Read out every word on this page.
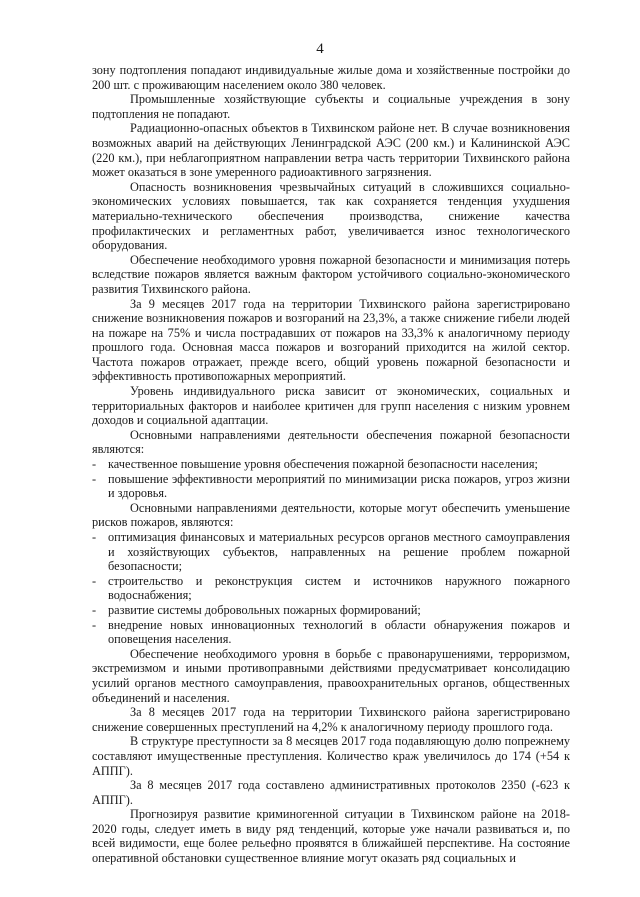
4

зону подтопления попадают индивидуальные жилые дома и хозяйственные постройки до 200 шт. с проживающим населением около 380 человек.

Промышленные хозяйствующие субъекты и социальные учреждения в зону подтопления не попадают.

Радиационно-опасных объектов в Тихвинском районе нет. В случае возникновения возможных аварий на действующих Ленинградской АЭС (200 км.) и Калининской АЭС (220 км.), при неблагоприятном направлении ветра часть территории Тихвинского района может оказаться в зоне умеренного радиоактивного загрязнения.

Опасность возникновения чрезвычайных ситуаций в сложившихся социально-экономических условиях повышается, так как сохраняется тенденция ухудшения материально-технического обеспечения производства, снижение качества профилактических и регламентных работ, увеличивается износ технологического оборудования.

Обеспечение необходимого уровня пожарной безопасности и минимизация потерь вследствие пожаров является важным фактором устойчивого социально-экономического развития Тихвинского района.

За 9 месяцев 2017 года на территории Тихвинского района зарегистрировано снижение возникновения пожаров и возгораний на 23,3%, а также снижение гибели людей на пожаре на 75% и числа пострадавших от пожаров на 33,3% к аналогичному периоду прошлого года. Основная масса пожаров и возгораний приходится на жилой сектор. Частота пожаров отражает, прежде всего, общий уровень пожарной безопасности и эффективность противопожарных мероприятий.

Уровень индивидуального риска зависит от экономических, социальных и территориальных факторов и наиболее критичен для групп населения с низким уровнем доходов и социальной адаптации.

Основными направлениями деятельности обеспечения пожарной безопасности являются:

- качественное повышение уровня обеспечения пожарной безопасности населения;
- повышение эффективности мероприятий по минимизации риска пожаров, угроз жизни и здоровья.

Основными направлениями деятельности, которые могут обеспечить уменьшение рисков пожаров, являются:

- оптимизация финансовых и материальных ресурсов органов местного самоуправления и хозяйствующих субъектов, направленных на решение проблем пожарной безопасности;
- строительство и реконструкция систем и источников наружного пожарного водоснабжения;
- развитие системы добровольных пожарных формирований;
- внедрение новых инновационных технологий в области обнаружения пожаров и оповещения населения.

Обеспечение необходимого уровня в борьбе с правонарушениями, терроризмом, экстремизмом и иными противоправными действиями предусматривает консолидацию усилий органов местного самоуправления, правоохранительных органов, общественных объединений и населения.

За 8 месяцев 2017 года на территории Тихвинского района зарегистрировано снижение совершенных преступлений на 4,2% к аналогичному периоду прошлого года.

В структуре преступности за 8 месяцев 2017 года подавляющую долю попрежнему составляют имущественные преступления. Количество краж увеличилось до 174 (+54 к АППГ).

За 8 месяцев 2017 года составлено административных протоколов 2350 (-623 к АППГ).

Прогнозируя развитие криминогенной ситуации в Тихвинском районе на 2018-2020 годы, следует иметь в виду ряд тенденций, которые уже начали развиваться и, по всей видимости, еще более рельефно проявятся в ближайшей перспективе. На состояние оперативной обстановки существенное влияние могут оказать ряд социальных и
